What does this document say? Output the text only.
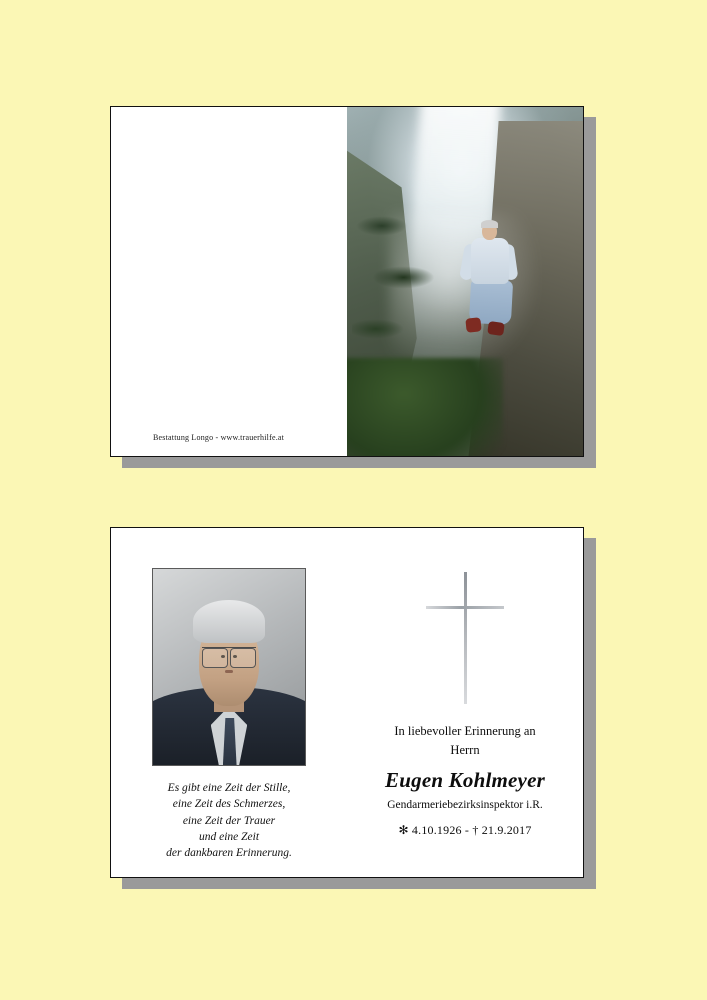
Bestattung Longo - www.trauerhilfe.at
Es gibt eine Zeit der Stille,
eine Zeit des Schmerzes,
eine Zeit der Trauer
und eine Zeit
der dankbaren Erinnerung.
In liebevoller Erinnerung an
Herrn
Eugen Kohlmeyer
Gendarmeriebezirksinspektor i.R.
✻ 4.10.1926 - † 21.9.2017
